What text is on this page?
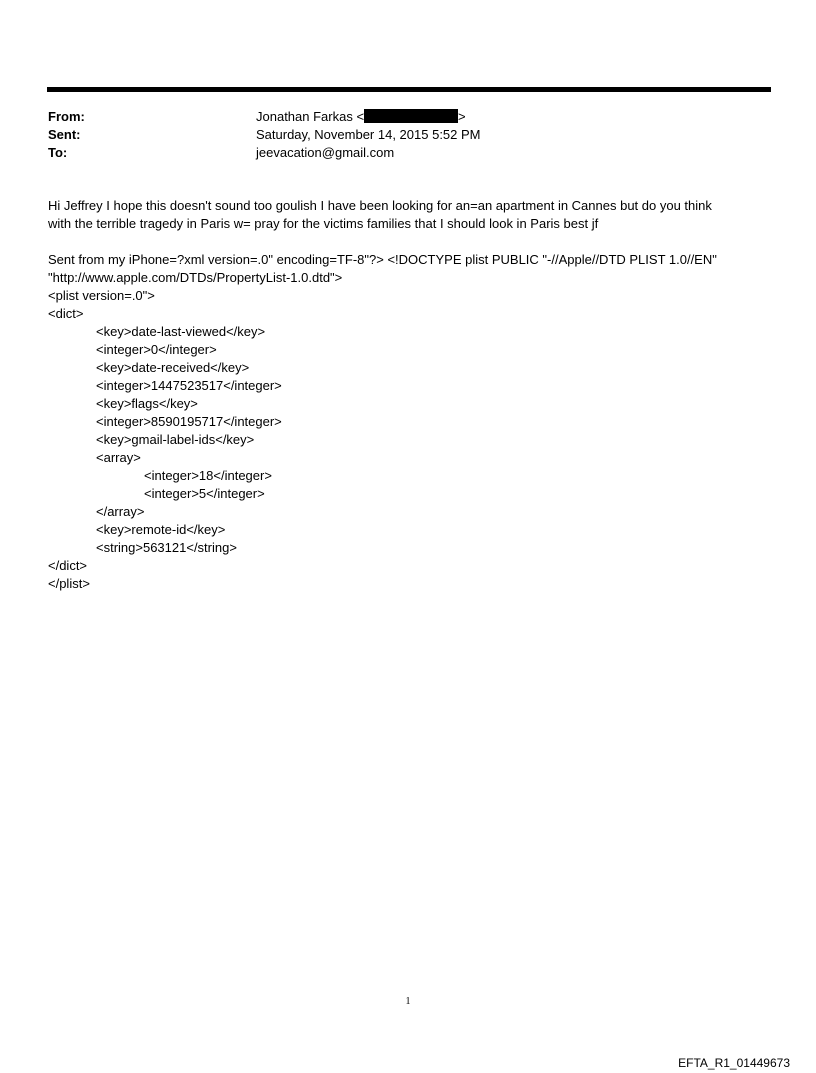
From:	Jonathan Farkas <	>
Sent:	Saturday, November 14, 2015 5:52 PM
To:	jeevacation@gmail.com

Hi Jeffrey I hope this doesn't sound too goulish I have been looking for an=an apartment in Cannes but do you think

with the terrible tragedy in Paris w= pray for the victims families that I should look in Paris best jf

Sent from my iPhone=?xml version=.0" encoding=TF-8"?> <!DOCTYPE plist PUBLIC "-//Apple//DTD PLIST 1.0//EN"

"http://www.apple.com/DTDs/PropertyList-1.0.dtd">

<plist version=.0">

<dict>

<key>date-last-viewed</key>

<integer>0</integer>

<key>date-received</key>

<integer>1447523517</integer>

<key>flags</key>

<integer>8590195717</integer>

<key>gmail-label-ids</key>

<array>

<integer>18</integer>

<integer>5</integer>

</array>

<key>remote-id</key>

<string>563121</string>

</dict>

</plist>

1
EFTA_R1_01449673
